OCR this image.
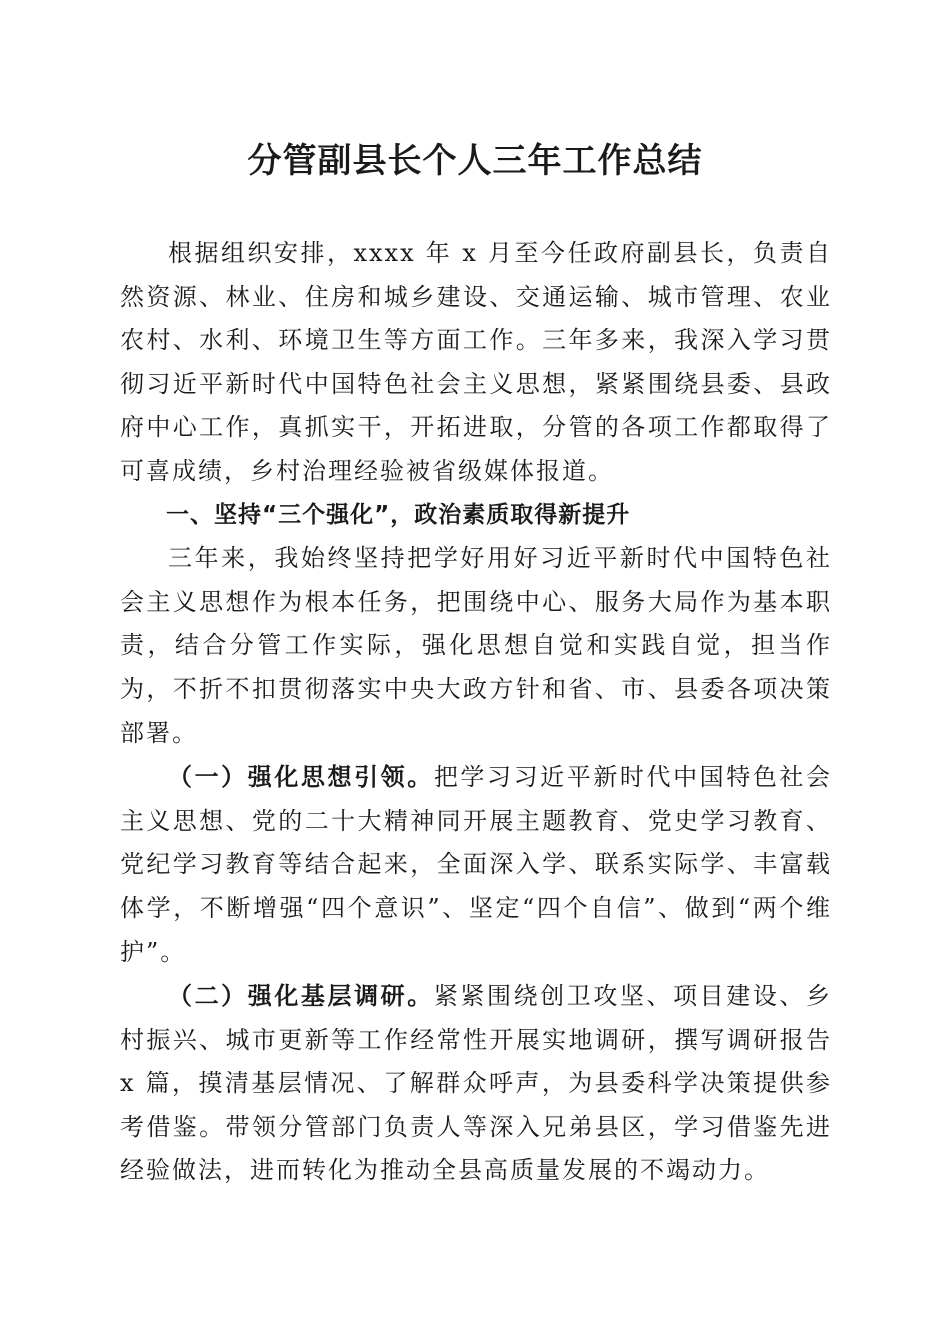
分管副县长个人三年工作总结

根据组织安排，xxxx 年 x 月至今任政府副县长，负责自然资源、林业、住房和城乡建设、交通运输、城市管理、农业农村、水利、环境卫生等方面工作。三年多来，我深入学习贯彻习近平新时代中国特色社会主义思想，紧紧围绕县委、县政府中心工作，真抓实干，开拓进取，分管的各项工作都取得了可喜成绩，乡村治理经验被省级媒体报道。

一、坚持“三个强化”，政治素质取得新提升

三年来，我始终坚持把学好用好习近平新时代中国特色社会主义思想作为根本任务，把围绕中心、服务大局作为基本职责，结合分管工作实际，强化思想自觉和实践自觉，担当作为，不折不扣贯彻落实中央大政方针和省、市、县委各项决策部署。

（一）强化思想引领。把学习习近平新时代中国特色社会主义思想、党的二十大精神同开展主题教育、党史学习教育、党纪学习教育等结合起来，全面深入学、联系实际学、丰富载体学，不断增强“四个意识”、坚定“四个自信”、做到“两个维护”。

（二）强化基层调研。紧紧围绕创卫攻坚、项目建设、乡村振兴、城市更新等工作经常性开展实地调研，撰写调研报告 x 篇，摸清基层情况、了解群众呼声，为县委科学决策提供参考借鉴。带领分管部门负责人等深入兄弟县区，学习借鉴先进经验做法，进而转化为推动全县高质量发展的不竭动力。
